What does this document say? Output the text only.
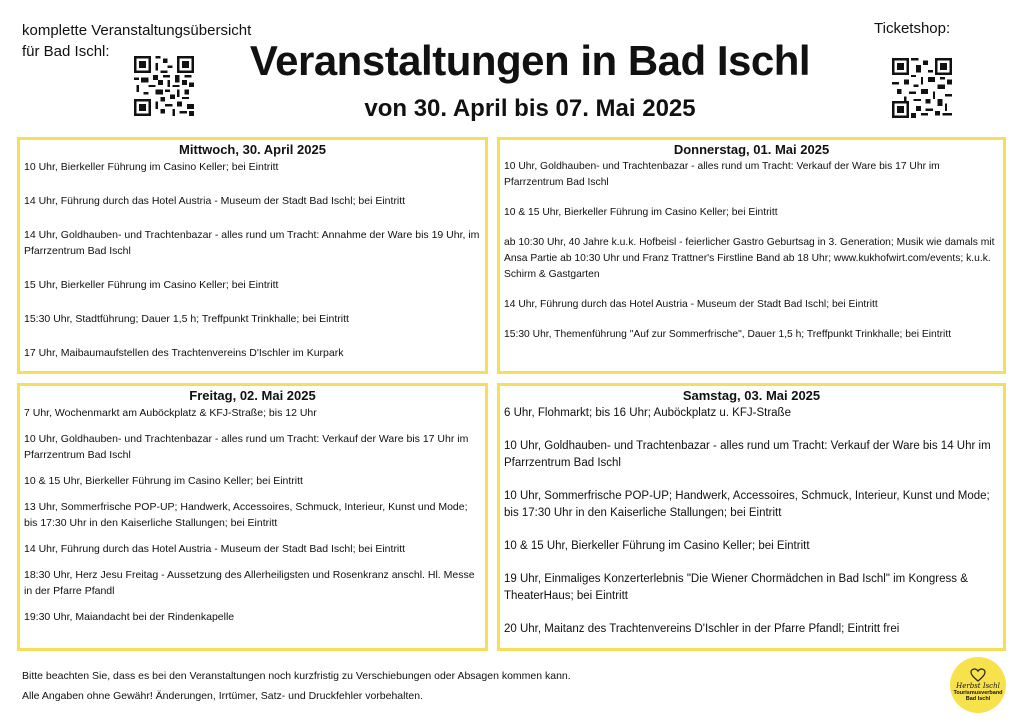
komplette Veranstaltungsübersicht
für Bad Ischl:	Veranstaltungen in Bad Ischl
von 30. April bis 07. Mai 2025
Ticketshop:
Mittwoch, 30. April 2025
10 Uhr, Bierkeller Führung im Casino Keller; bei Eintritt
14 Uhr, Führung durch das Hotel Austria - Museum der Stadt Bad Ischl; bei Eintritt
14 Uhr, Goldhauben- und Trachtenbazar - alles rund um Tracht: Annahme der Ware bis 19 Uhr, im Pfarrzentrum Bad Ischl
15 Uhr, Bierkeller Führung im Casino Keller; bei Eintritt
15:30 Uhr, Stadtführung; Dauer 1,5 h; Treffpunkt Trinkhalle; bei Eintritt
17 Uhr, Maibaumaufstellen des Trachtenvereins D'Ischler im Kurpark
Donnerstag, 01. Mai 2025
10 Uhr, Goldhauben- und Trachtenbazar - alles rund um Tracht: Verkauf der Ware bis 17 Uhr im Pfarrzentrum Bad Ischl
10 & 15 Uhr, Bierkeller Führung im Casino Keller; bei Eintritt
ab 10:30 Uhr, 40 Jahre k.u.k. Hofbeisl - feierlicher Gastro Geburtsag in 3. Generation; Musik wie damals mit Ansa Partie ab 10:30 Uhr und Franz Trattner's Firstline Band ab 18 Uhr; www.kukhofwirt.com/events; k.u.k. Schirm & Gastgarten
14 Uhr, Führung durch das Hotel Austria - Museum der Stadt Bad Ischl; bei Eintritt
15:30 Uhr, Themenführung "Auf zur Sommerfrische", Dauer 1,5 h; Treffpunkt Trinkhalle; bei Eintritt
Freitag, 02. Mai 2025
7 Uhr, Wochenmarkt am Auböckplatz & KFJ-Straße; bis 12 Uhr
10 Uhr, Goldhauben- und Trachtenbazar - alles rund um Tracht: Verkauf der Ware bis 17 Uhr im Pfarrzentrum Bad Ischl
10 & 15 Uhr, Bierkeller Führung im Casino Keller; bei Eintritt
13 Uhr, Sommerfrische POP-UP; Handwerk, Accessoires, Schmuck, Interieur, Kunst und Mode; bis 17:30 Uhr in den Kaiserliche Stallungen; bei Eintritt
14 Uhr, Führung durch das Hotel Austria - Museum der Stadt Bad Ischl; bei Eintritt
18:30 Uhr, Herz Jesu Freitag - Aussetzung des Allerheiligsten und Rosenkranz anschl. Hl. Messe in der Pfarre Pfandl
19:30 Uhr, Maiandacht bei der Rindenkapelle
Samstag, 03. Mai 2025
6 Uhr, Flohmarkt; bis 16 Uhr; Auböckplatz u. KFJ-Straße
10 Uhr, Goldhauben- und Trachtenbazar - alles rund um Tracht: Verkauf der Ware bis 14 Uhr im Pfarrzentrum Bad Ischl
10 Uhr, Sommerfrische POP-UP; Handwerk, Accessoires, Schmuck, Interieur, Kunst und Mode; bis 17:30 Uhr in den Kaiserliche Stallungen; bei Eintritt
10 & 15 Uhr, Bierkeller Führung im Casino Keller; bei Eintritt
19 Uhr, Einmaliges Konzerterlebnis "Die Wiener Chormädchen in Bad Ischl" im Kongress & TheaterHaus; bei Eintritt
20 Uhr, Maitanz des Trachtenvereins D'Ischler in der Pfarre Pfandl; Eintritt frei
Bitte beachten Sie, dass es bei den Veranstaltungen noch kurzfristig zu Verschiebungen oder Absagen kommen kann.
Alle Angaben ohne Gewähr! Änderungen, Irrtümer, Satz- und Druckfehler vorbehalten.
Herbst Ischl
Tourismusverband
Bad Ischl
